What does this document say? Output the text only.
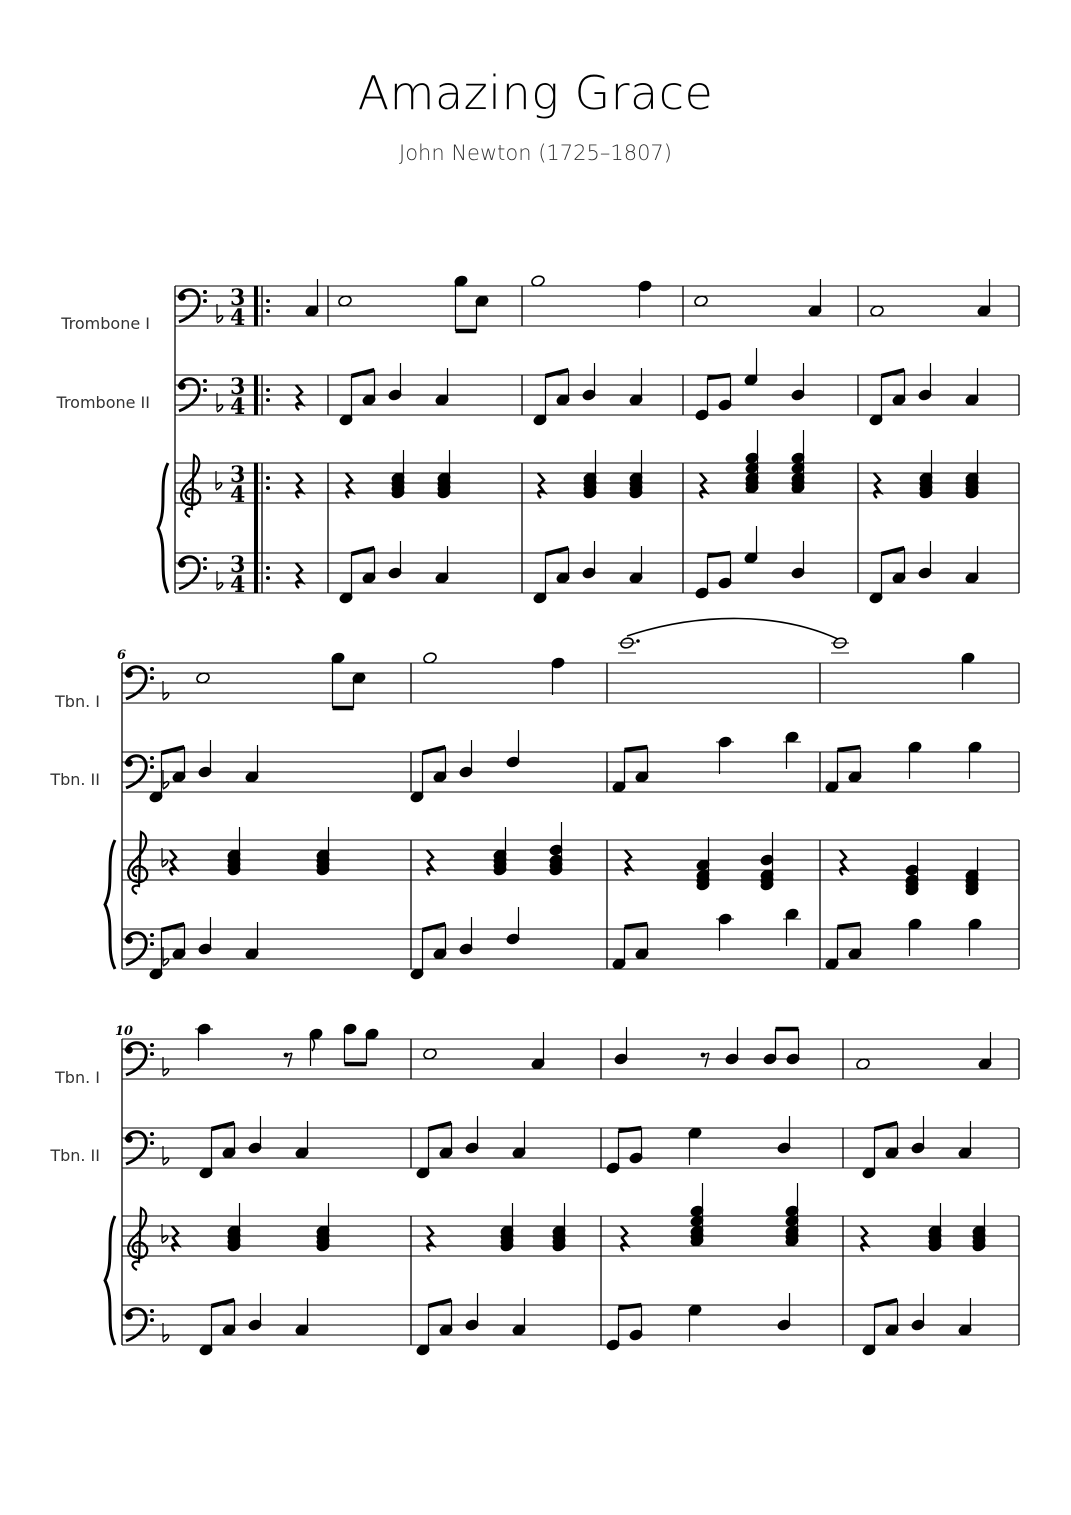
Amazing Grace
John Newton (1725–1807)
Trombone I
Trombone II
Tbn. I
Tbn. II
Tbn. I
Tbn. II
6
10
3
4
3
4
3
4
3
4
